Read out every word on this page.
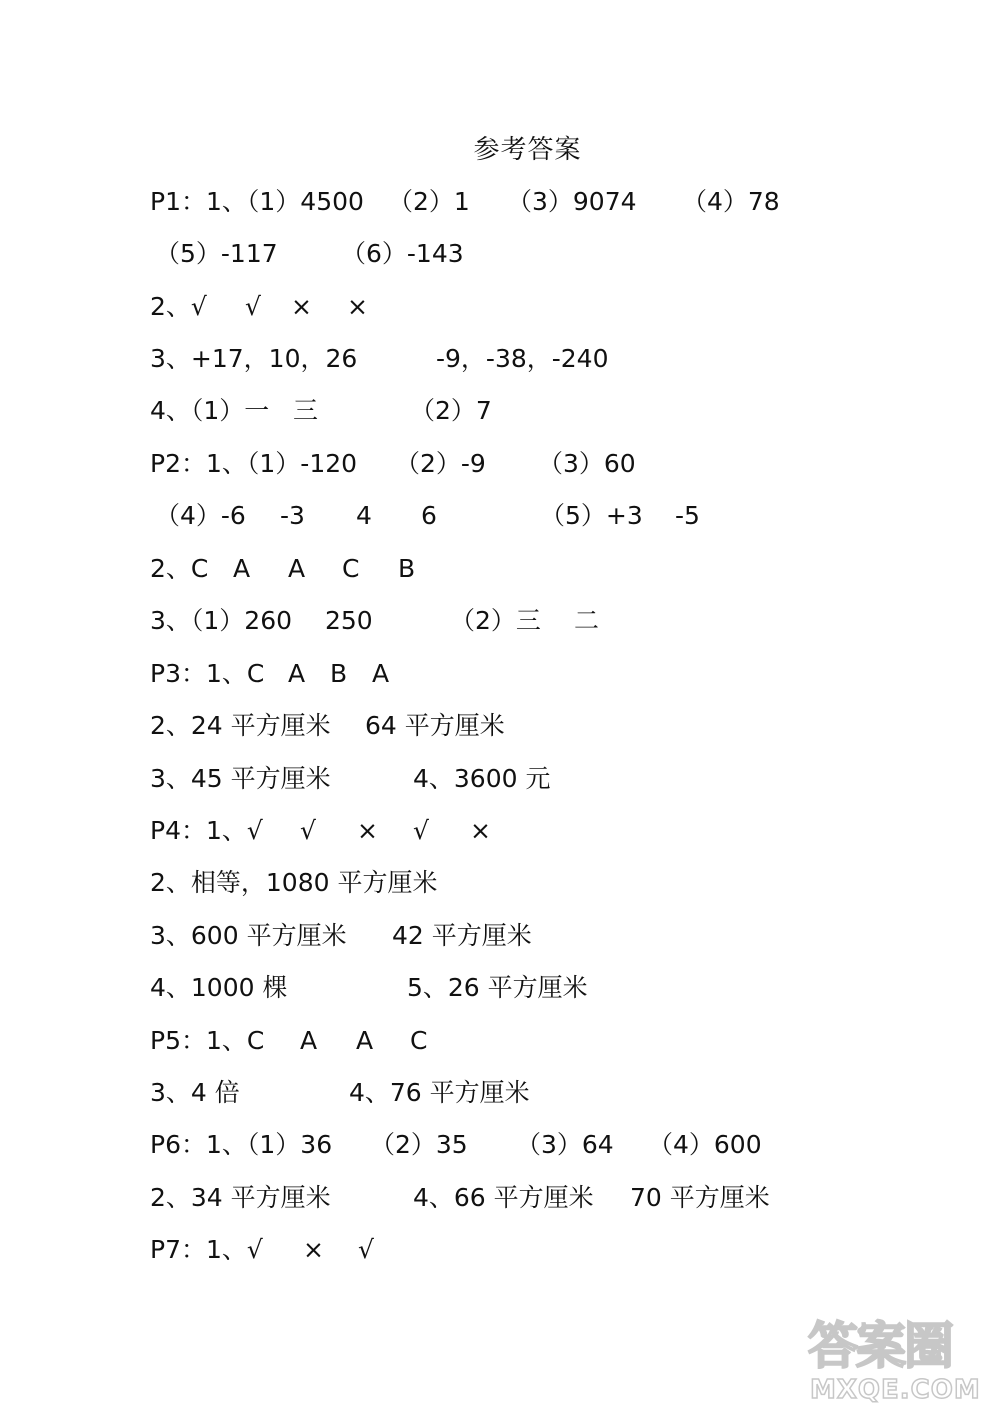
参考答案
P1：1、（1）4500 （2）1 （3）9074 （4）78
（5）-117	（6）-143
2、√ √ × ×
3、+17，10，26	-9，-38，-240
4、（1）一 三	（2）7
P2：1、（1）-120 （2）-9 （3）60
（4）-6 -3 4 6	（5）+3 -5
2、C A A C B
3、（1）260 250	（2）三 二
P3：1、C A B A
2、24 平方厘米 64 平方厘米
3、45 平方厘米	4、3600 元
P4：1、√ √ × √ ×
2、相等，1080 平方厘米
3、600 平方厘米 42 平方厘米
4、1000 棵	5、26 平方厘米
P5：1、C A A C
3、4 倍	4、76 平方厘米
P6：1、（1）36 （2）35 （3）64 （4）600
2、34 平方厘米	4、66 平方厘米 70 平方厘米
P7：1、√ × √
答案圈
MXQE.COM
